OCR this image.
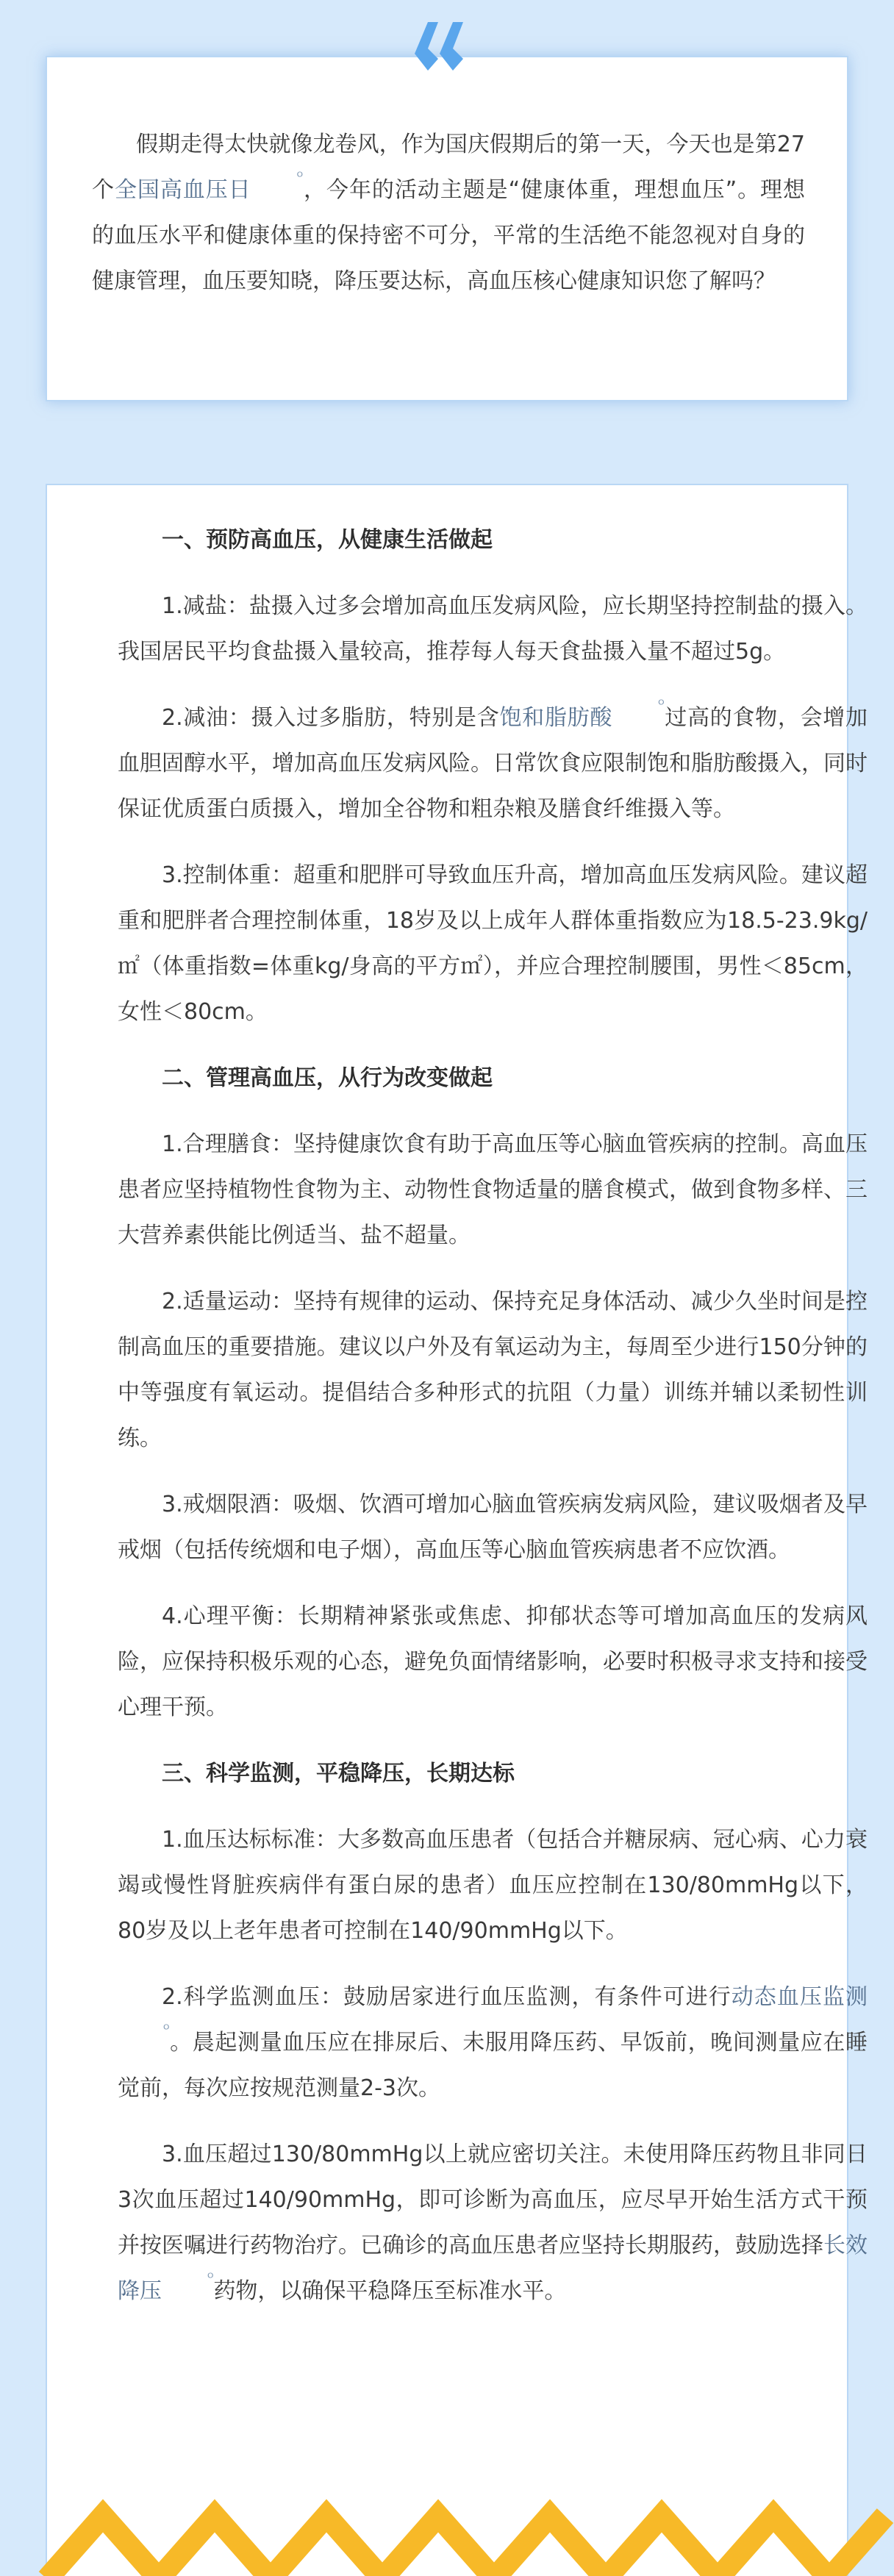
假期走得太快就像龙卷风，作为国庆假期后的第一天，今天也是第27个全国高血压日	ᴼ，今年的活动主题是“健康体重，理想血压”。理想的血压水平和健康体重的保持密不可分，平常的生活绝不能忽视对自身的健康管理，血压要知晓，降压要达标，高血压核心健康知识您了解吗？

一、预防高血压，从健康生活做起

1.减盐：盐摄入过多会增加高血压发病风险，应长期坚持控制盐的摄入。我国居民平均食盐摄入量较高，推荐每人每天食盐摄入量不超过5g。

2.减油：摄入过多脂肪，特别是含饱和脂肪酸	ᴼ过高的食物，会增加血胆固醇水平，增加高血压发病风险。日常饮食应限制饱和脂肪酸摄入，同时保证优质蛋白质摄入，增加全谷物和粗杂粮及膳食纤维摄入等。

3.控制体重：超重和肥胖可导致血压升高，增加高血压发病风险。建议超重和肥胖者合理控制体重，18岁及以上成年人群体重指数应为18.5-23.9kg/㎡（体重指数=体重kg/身高的平方㎡），并应合理控制腰围，男性＜85cm，女性＜80cm。

二、管理高血压，从行为改变做起

1.合理膳食：坚持健康饮食有助于高血压等心脑血管疾病的控制。高血压患者应坚持植物性食物为主、动物性食物适量的膳食模式，做到食物多样、三大营养素供能比例适当、盐不超量。

2.适量运动：坚持有规律的运动、保持充足身体活动、减少久坐时间是控制高血压的重要措施。建议以户外及有氧运动为主，每周至少进行150分钟的中等强度有氧运动。提倡结合多种形式的抗阻（力量）训练并辅以柔韧性训练。

3.戒烟限酒：吸烟、饮酒可增加心脑血管疾病发病风险，建议吸烟者及早戒烟（包括传统烟和电子烟），高血压等心脑血管疾病患者不应饮酒。

4.心理平衡：长期精神紧张或焦虑、抑郁状态等可增加高血压的发病风险，应保持积极乐观的心态，避免负面情绪影响，必要时积极寻求支持和接受心理干预。

三、科学监测，平稳降压，长期达标

1.血压达标标准：大多数高血压患者（包括合并糖尿病、冠心病、心力衰竭或慢性肾脏疾病伴有蛋白尿的患者）血压应控制在130/80mmHg以下，80岁及以上老年患者可控制在140/90mmHg以下。

2.科学监测血压：鼓励居家进行血压监测，有条件可进行动态血压监测ᴼ。晨起测量血压应在排尿后、未服用降压药、早饭前，晚间测量应在睡觉前，每次应按规范测量2-3次。

3.血压超过130/80mmHg以上就应密切关注。未使用降压药物且非同日3次血压超过140/90mmHg，即可诊断为高血压，应尽早开始生活方式干预并按医嘱进行药物治疗。已确诊的高血压患者应坚持长期服药，鼓励选择长效降压	ᴼ药物，以确保平稳降压至标准水平。
